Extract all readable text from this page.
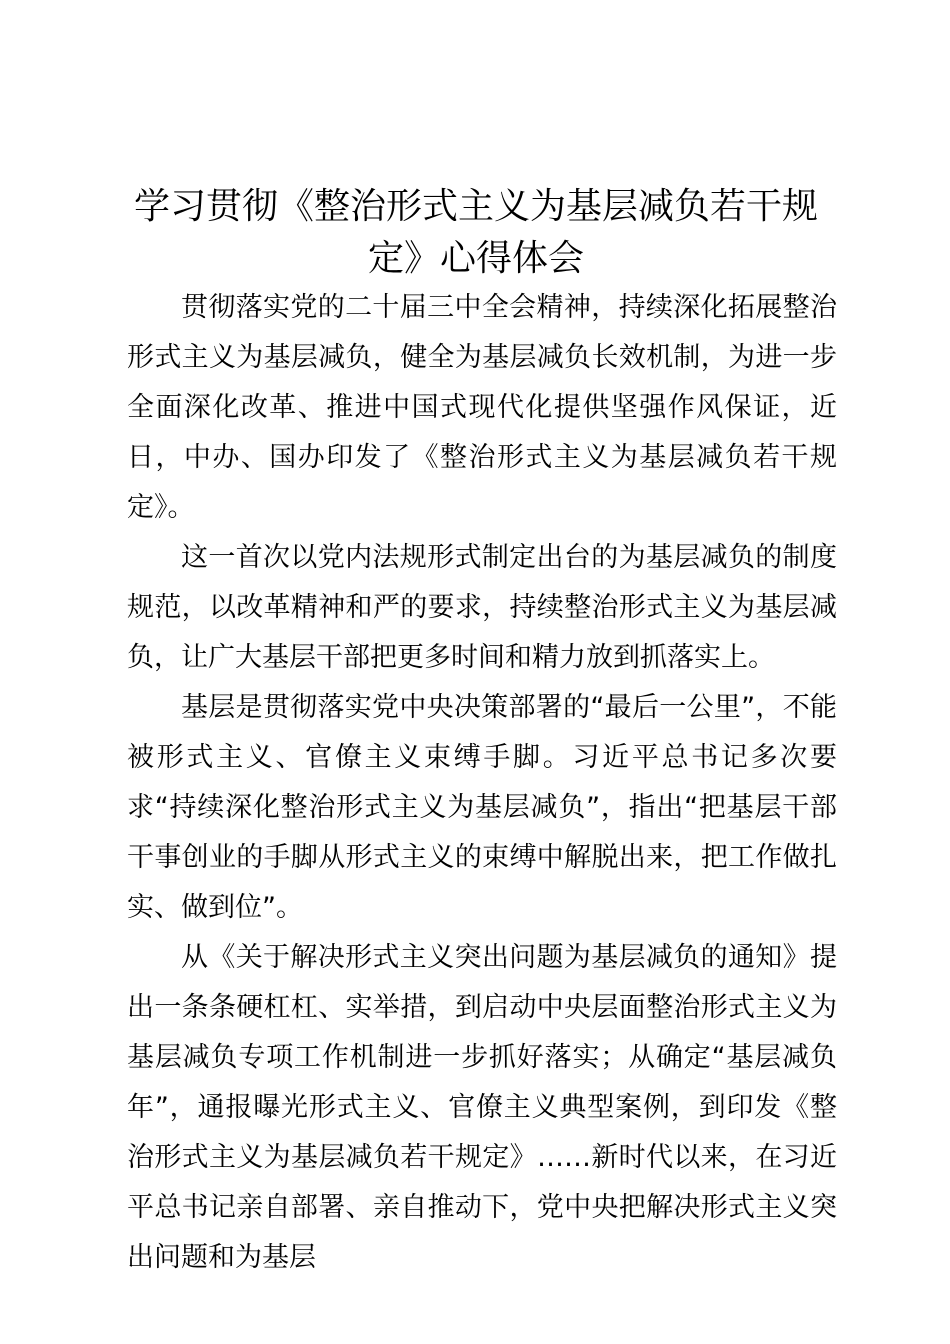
学习贯彻《整治形式主义为基层减负若干规定》心得体会

贯彻落实党的二十届三中全会精神，持续深化拓展整治形式主义为基层减负，健全为基层减负长效机制，为进一步全面深化改革、推进中国式现代化提供坚强作风保证，近日，中办、国办印发了《整治形式主义为基层减负若干规定》。

这一首次以党内法规形式制定出台的为基层减负的制度规范，以改革精神和严的要求，持续整治形式主义为基层减负，让广大基层干部把更多时间和精力放到抓落实上。

基层是贯彻落实党中央决策部署的“最后一公里”，不能被形式主义、官僚主义束缚手脚。习近平总书记多次要求“持续深化整治形式主义为基层减负”，指出“把基层干部干事创业的手脚从形式主义的束缚中解脱出来，把工作做扎实、做到位”。

从《关于解决形式主义突出问题为基层减负的通知》提出一条条硬杠杠、实举措，到启动中央层面整治形式主义为基层减负专项工作机制进一步抓好落实；从确定“基层减负年”，通报曝光形式主义、官僚主义典型案例，到印发《整治形式主义为基层减负若干规定》……新时代以来，在习近平总书记亲自部署、亲自推动下，党中央把解决形式主义突出问题和为基层
